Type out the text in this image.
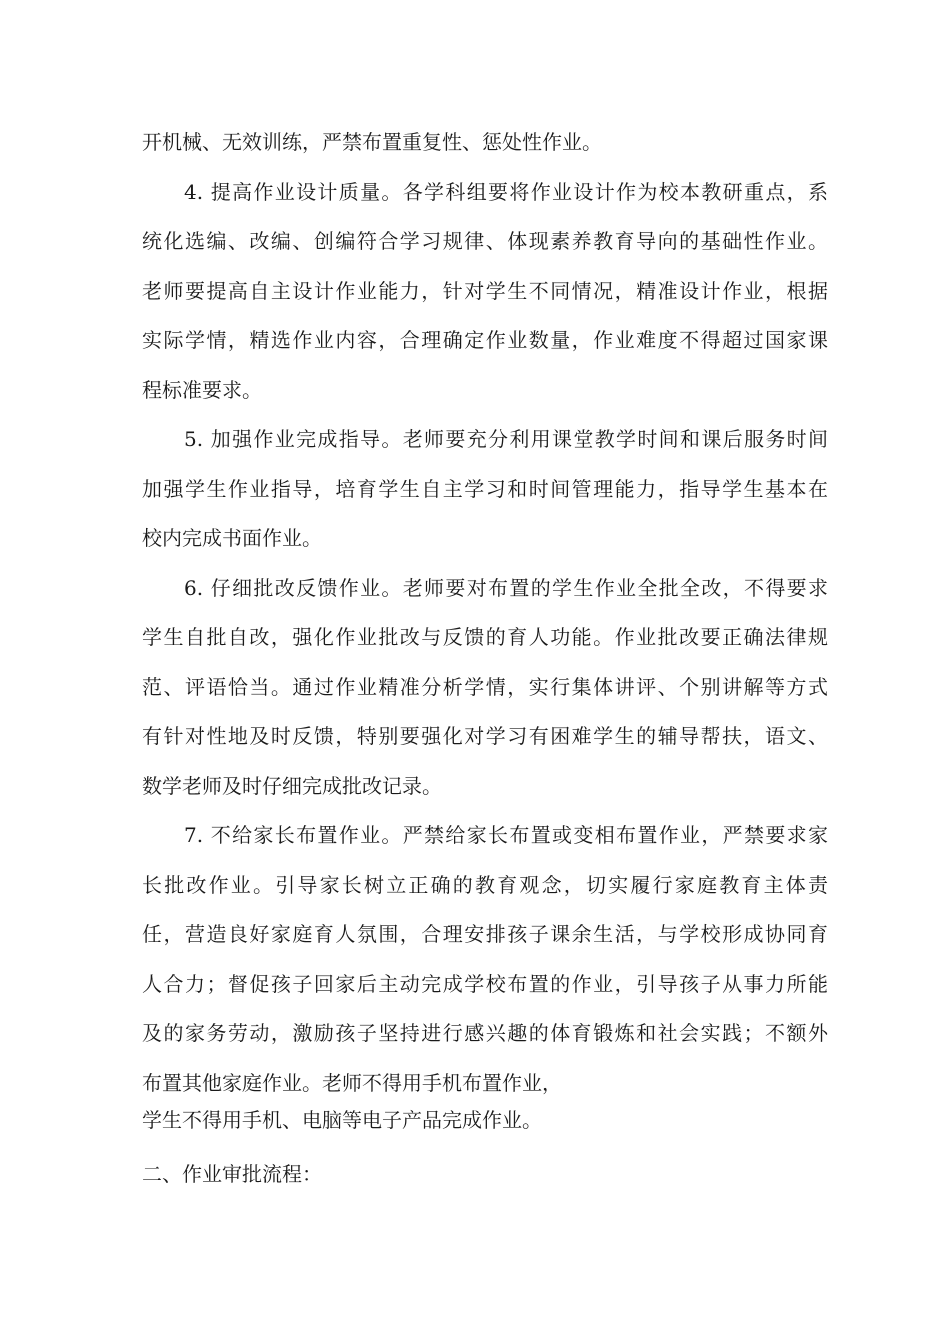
开机械、无效训练，严禁布置重复性、惩处性作业。

4. 提高作业设计质量。各学科组要将作业设计作为校本教研重点，系
统化选编、改编、创编符合学习规律、体现素养教育导向的基础性作业。
老师要提高自主设计作业能力，针对学生不同情况，精准设计作业，根据
实际学情，精选作业内容，合理确定作业数量，作业难度不得超过国家课
程标准要求。

5. 加强作业完成指导。老师要充分利用课堂教学时间和课后服务时间
加强学生作业指导，培育学生自主学习和时间管理能力，指导学生基本在
校内完成书面作业。

6. 仔细批改反馈作业。老师要对布置的学生作业全批全改，不得要求
学生自批自改，强化作业批改与反馈的育人功能。作业批改要正确法律规
范、评语恰当。通过作业精准分析学情，实行集体讲评、个别讲解等方式
有针对性地及时反馈，特别要强化对学习有困难学生的辅导帮扶，语文、
数学老师及时仔细完成批改记录。

7. 不给家长布置作业。严禁给家长布置或变相布置作业，严禁要求家
长批改作业。引导家长树立正确的教育观念，切实履行家庭教育主体责
任，营造良好家庭育人氛围，合理安排孩子课余生活，与学校形成协同育
人合力；督促孩子回家后主动完成学校布置的作业，引导孩子从事力所能
及的家务劳动，激励孩子坚持进行感兴趣的体育锻炼和社会实践；不额外
布置其他家庭作业。老师不得用手机布置作业，

学生不得用手机、电脑等电子产品完成作业。

二、作业审批流程：
